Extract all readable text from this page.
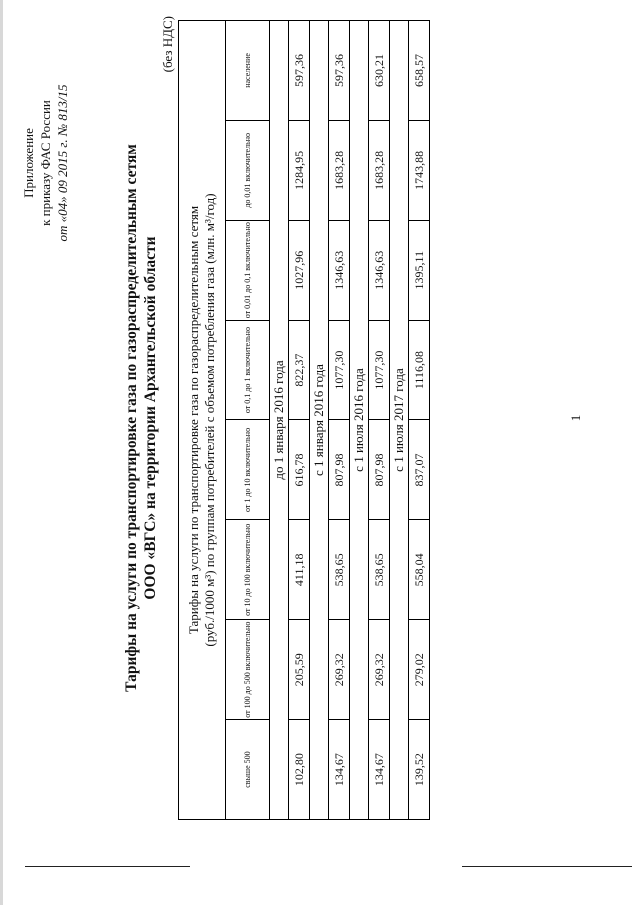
Приложение к приказу ФАС России от «04» 09 2015 г. № 813/15	Тарифы на услуги по транспортировке газа по газораспределительным сетям ООО «ВГС» на территории Архангельской области
(без НДС)
Тарифы на услуги по транспортировке газа по газораспределительным сетям (руб./1000 м³) по группам потребителей с объемом потребления газа (млн. м³/год)							

свыше 500	от 100 до 500 включительно	от 10 до 100 включительно	от 1 до 10 включительно	от 0,1 до 1 включительно	от 0,01 до 0,1 включительно	до 0,01 включительно	население
до 1 января 2016 года							
102,80	205,59	411,18	616,78	822,37	1027,96	1284,95	597,36
с 1 января 2016 года							
134,67	269,32	538,65	807,98	1077,30	1346,63	1683,28	597,36
с 1 июля 2016 года							
134,67	269,32	538,65	807,98	1077,30	1346,63	1683,28	630,21
с 1 июля 2017 года							
139,52	279,02	558,04	837,07	1116,08	1395,11	1743,88	658,57
1
